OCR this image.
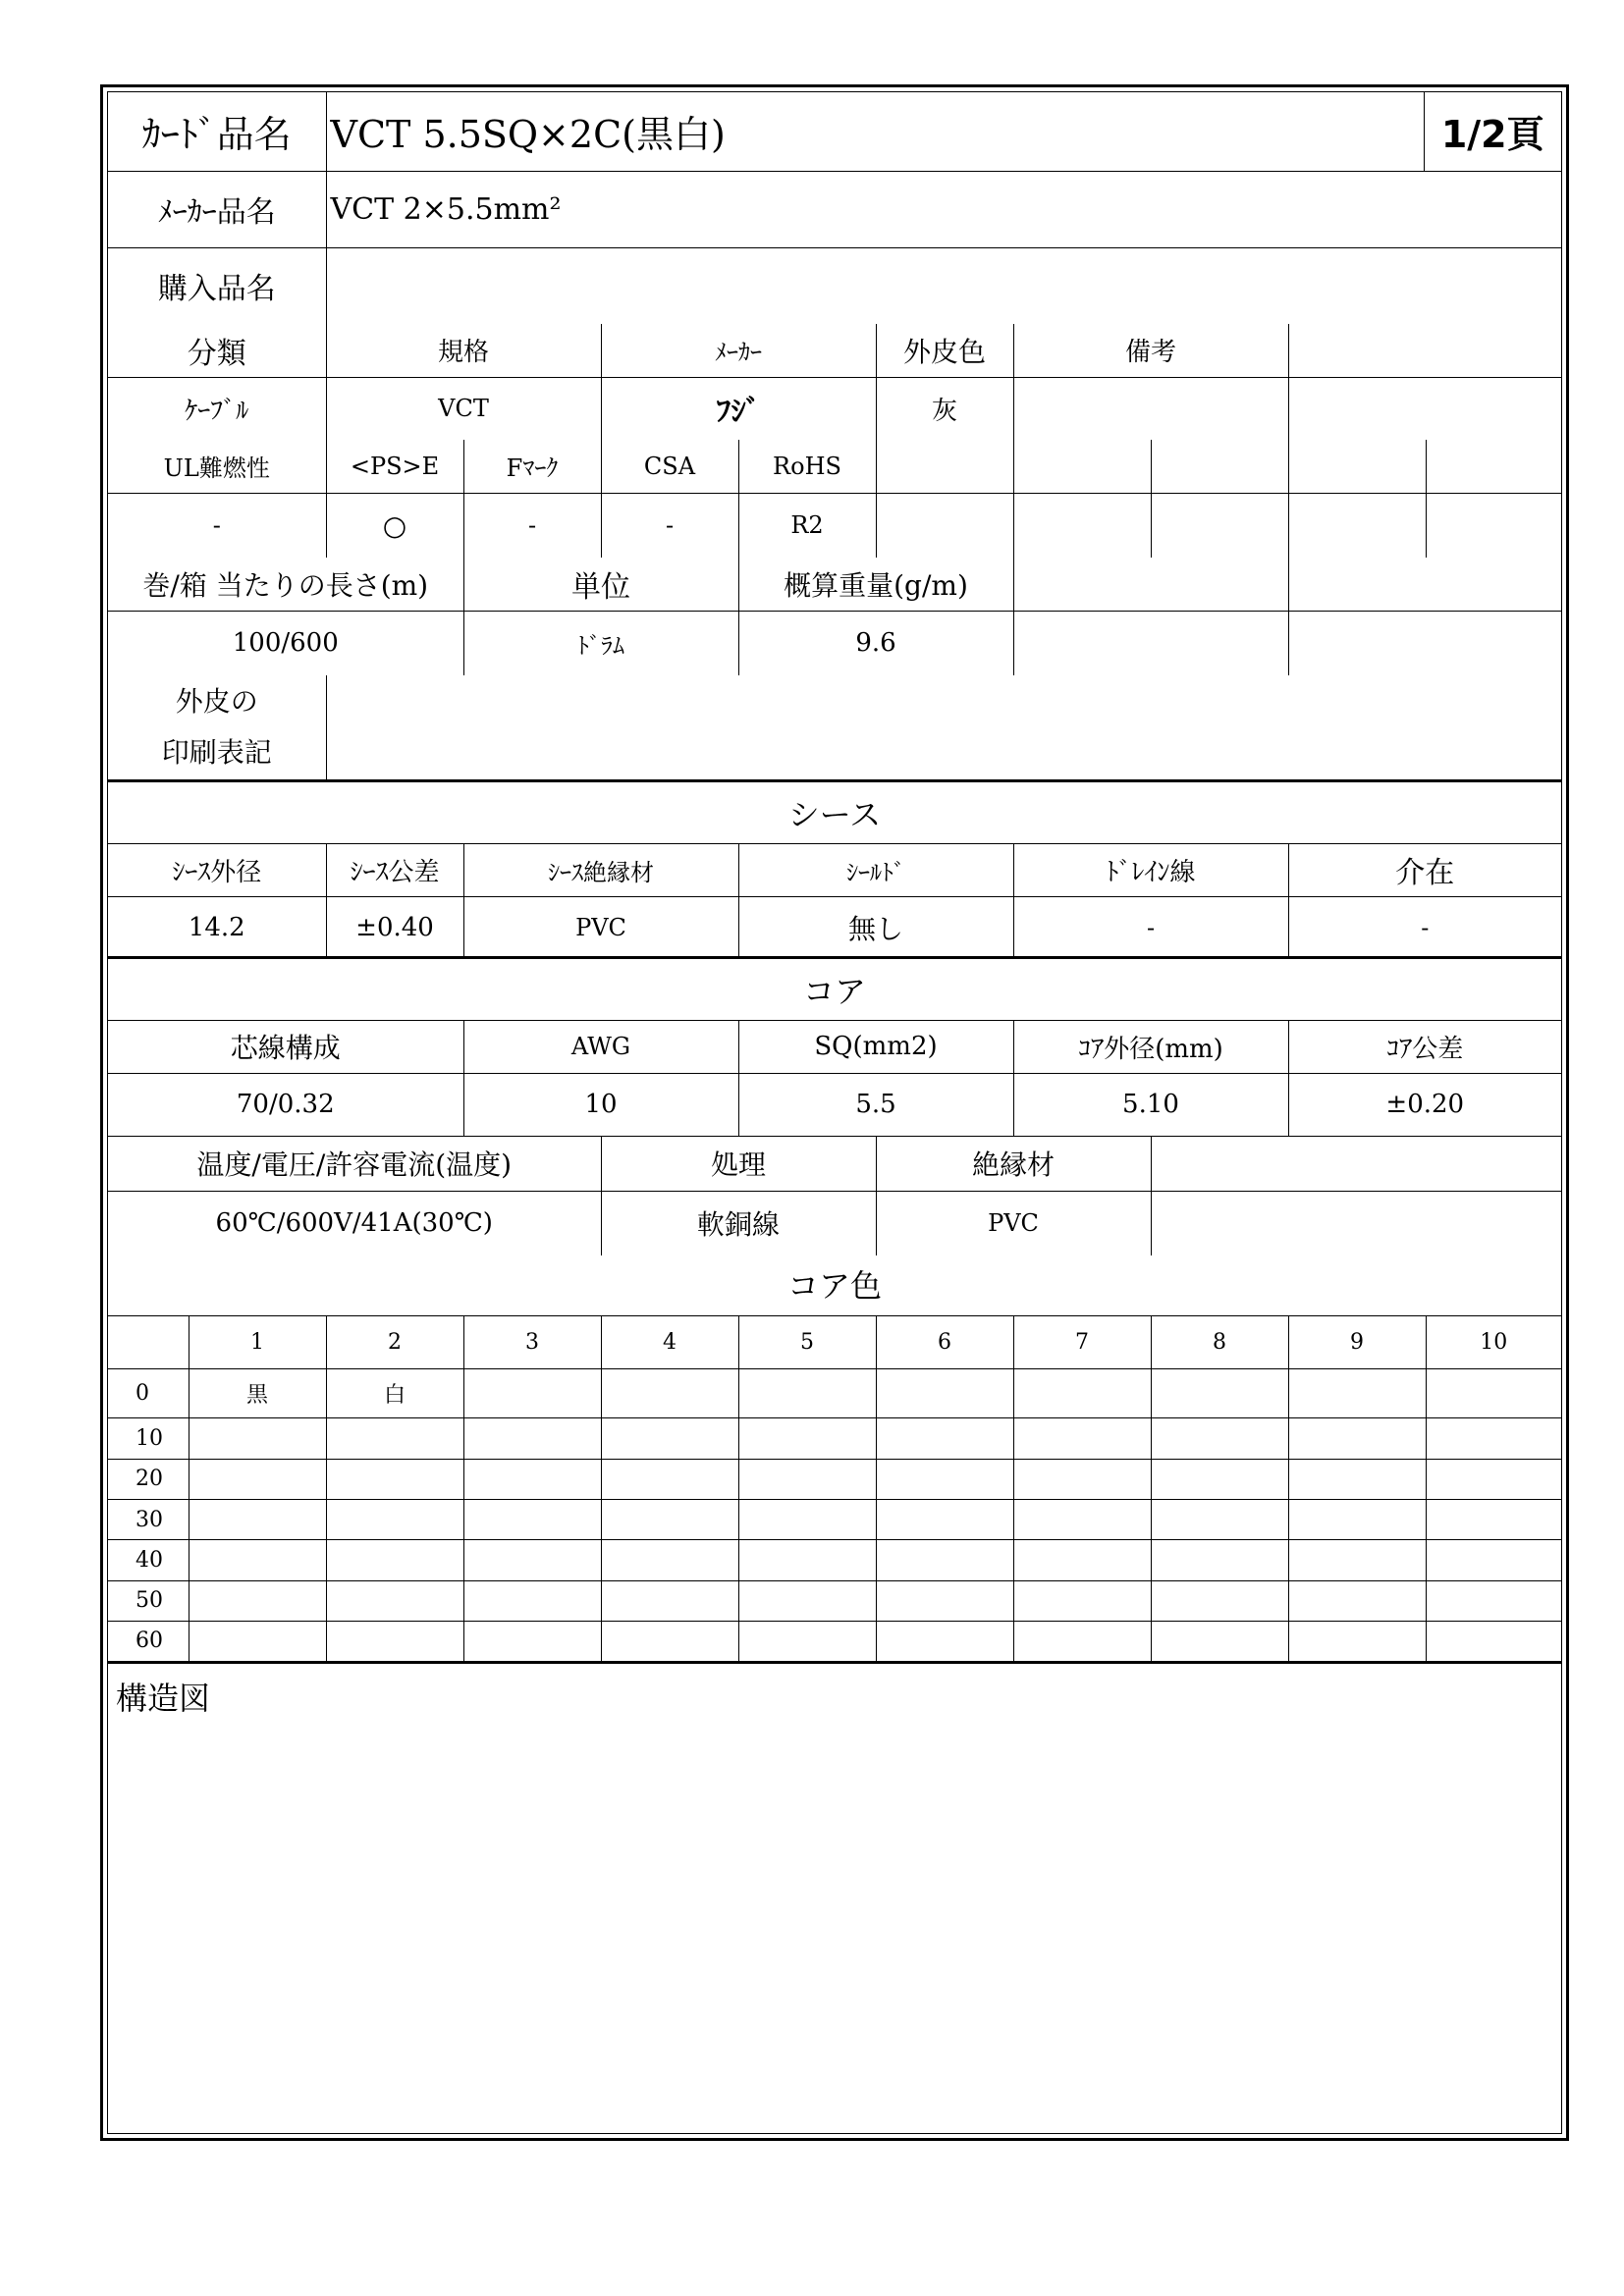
ｶｰﾄﾞ品名	VCT 5.5SQ×2C(黒白)	1/2頁
ﾒｰｶｰ品名	VCT 2×5.5mm²	
購入品名		
分類	規格	ﾒｰｶｰ	外皮色	備考	
ｹｰﾌﾞﾙ	VCT	ﾌｼﾞ	灰		
UL難燃性	<PS>E	Fﾏｰｸ	CSA	RoHS					
-	○	-	-	R2					
巻/箱 当たりの長さ(m)	単位	概算重量(g/m)		
100/600	ﾄﾞﾗﾑ	9.6		
外皮の
印刷表記

シース					
ｼｰｽ外径	ｼｰｽ公差	ｼｰｽ絶縁材	ｼｰﾙﾄﾞ	ﾄﾞﾚｲﾝ線	介在
14.2	±0.40	PVC	無し	-	-
コア							
芯線構成	AWG		SQ(mm2)		ｺｱ外径(mm)		ｺｱ公差
70/0.32	10		5.5		5.10		±0.20
温度/電圧/許容電流(温度)		処理		絶縁材			
60℃/600V/41A(30℃)		軟銅線		PVC			
コア色										
	1	2	3	4	5	6	7	8	9	10
0	黒	白								
10										
20										
30										
40										
50										
60										
構造図
